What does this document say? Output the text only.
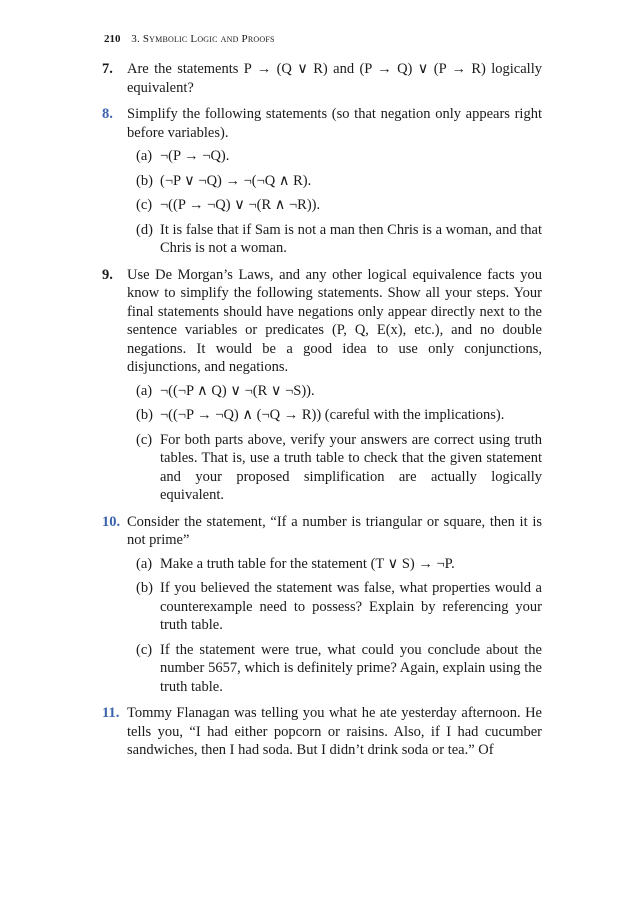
210 3. Symbolic Logic and Proofs
7. Are the statements P → (Q ∨ R) and (P → Q) ∨ (P → R) logically equivalent?
8. Simplify the following statements (so that negation only appears right before variables).
(a) ¬(P → ¬Q).
(b) (¬P ∨ ¬Q) → ¬(¬Q ∧ R).
(c) ¬((P → ¬Q) ∨ ¬(R ∧ ¬R)).
(d) It is false that if Sam is not a man then Chris is a woman, and that Chris is not a woman.
9. Use De Morgan’s Laws, and any other logical equivalence facts you know to simplify the following statements. Show all your steps. Your final statements should have negations only appear directly next to the sentence variables or predicates (P, Q, E(x), etc.), and no double negations. It would be a good idea to use only conjunctions, disjunctions, and negations.
(a) ¬((¬P ∧ Q) ∨ ¬(R ∨ ¬S)).
(b) ¬((¬P → ¬Q) ∧ (¬Q → R)) (careful with the implications).
(c) For both parts above, verify your answers are correct using truth tables. That is, use a truth table to check that the given statement and your proposed simplification are actually logically equivalent.
10. Consider the statement, “If a number is triangular or square, then it is not prime”
(a) Make a truth table for the statement (T ∨ S) → ¬P.
(b) If you believed the statement was false, what properties would a counterexample need to possess? Explain by referencing your truth table.
(c) If the statement were true, what could you conclude about the number 5657, which is definitely prime? Again, explain using the truth table.
11. Tommy Flanagan was telling you what he ate yesterday afternoon. He tells you, “I had either popcorn or raisins. Also, if I had cucumber sandwiches, then I had soda. But I didn’t drink soda or tea.” Of
